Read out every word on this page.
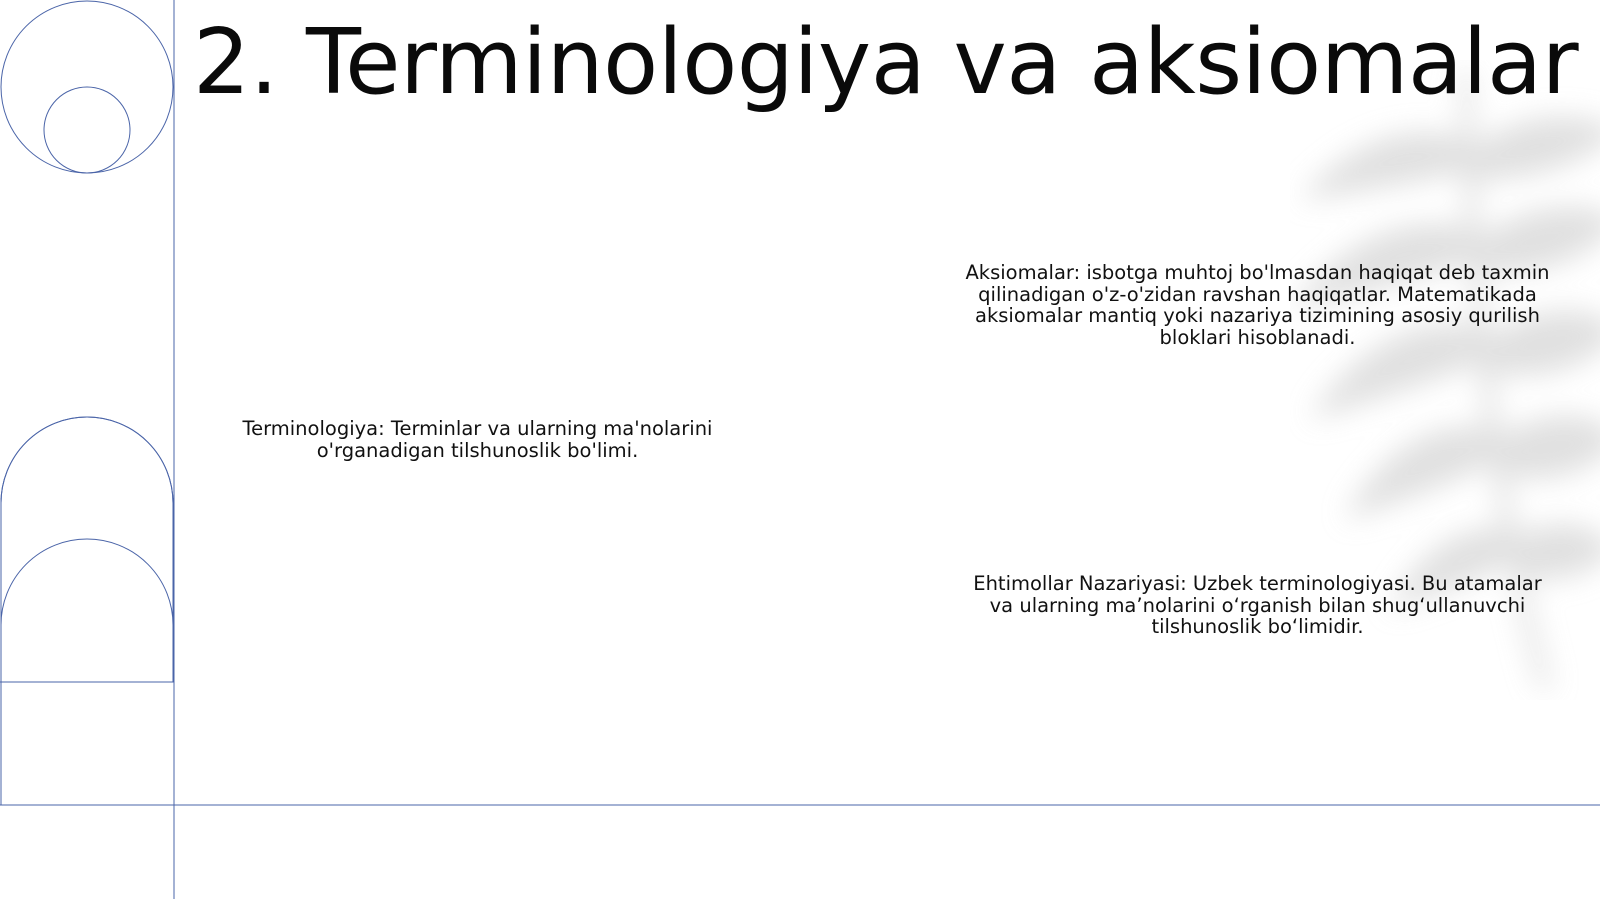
2. Terminologiya va aksiomalar
Terminologiya: Terminlar va ularning ma'nolarini o'rganadigan tilshunoslik bo'limi.
Aksiomalar: isbotga muhtoj bo'lmasdan haqiqat deb taxmin qilinadigan o'z-o'zidan ravshan haqiqatlar. Matematikada aksiomalar mantiq yoki nazariya tizimining asosiy qurilish bloklari hisoblanadi.
Ehtimollar Nazariyasi: Uzbek terminologiyasi. Bu atamalar va ularning ma’nolarini o‘rganish bilan shug‘ullanuvchi tilshunoslik bo‘limidir.
